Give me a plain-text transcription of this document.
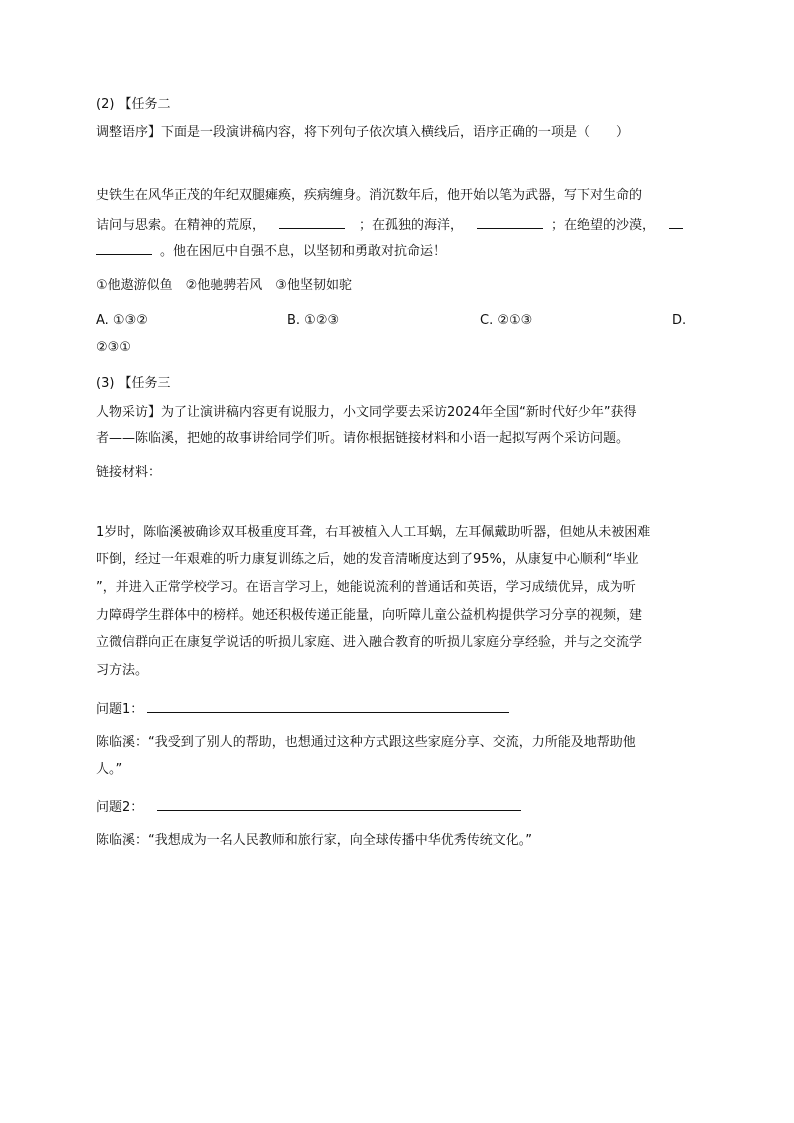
(2) 【任务二
调整语序】下面是一段演讲稿内容，将下列句子依次填入横线后，语序正确的一项是（　　）
史铁生在风华正茂的年纪双腿瘫痪，疾病缠身。消沉数年后，他开始以笔为武器，写下对生命的
诘问与思索。在精神的荒原，	；在孤独的海洋，	；在绝望的沙漠，
。他在困厄中自强不息，以坚韧和勇敢对抗命运！
①他遨游似鱼　②他驰骋若风　③他坚韧如驼
A. ①③②	B. ①②③	C. ②①③	D.
②③①
(3) 【任务三
人物采访】为了让演讲稿内容更有说服力，小文同学要去采访2024年全国“新时代好少年”获得
者——陈临溪，把她的故事讲给同学们听。请你根据链接材料和小语一起拟写两个采访问题。
链接材料：
1岁时，陈临溪被确诊双耳极重度耳聋，右耳被植入人工耳蜗，左耳佩戴助听器，但她从未被困难
吓倒，经过一年艰难的听力康复训练之后，她的发音清晰度达到了95%，从康复中心顺利“毕业
”，并进入正常学校学习。在语言学习上，她能说流利的普通话和英语，学习成绩优异，成为听
力障碍学生群体中的榜样。她还积极传递正能量，向听障儿童公益机构提供学习分享的视频，建
立微信群向正在康复学说话的听损儿家庭、进入融合教育的听损儿家庭分享经验，并与之交流学
习方法。
问题1：
陈临溪：“我受到了别人的帮助，也想通过这种方式跟这些家庭分享、交流，力所能及地帮助他
人。”
问题2：
陈临溪：“我想成为一名人民教师和旅行家，向全球传播中华优秀传统文化。”
